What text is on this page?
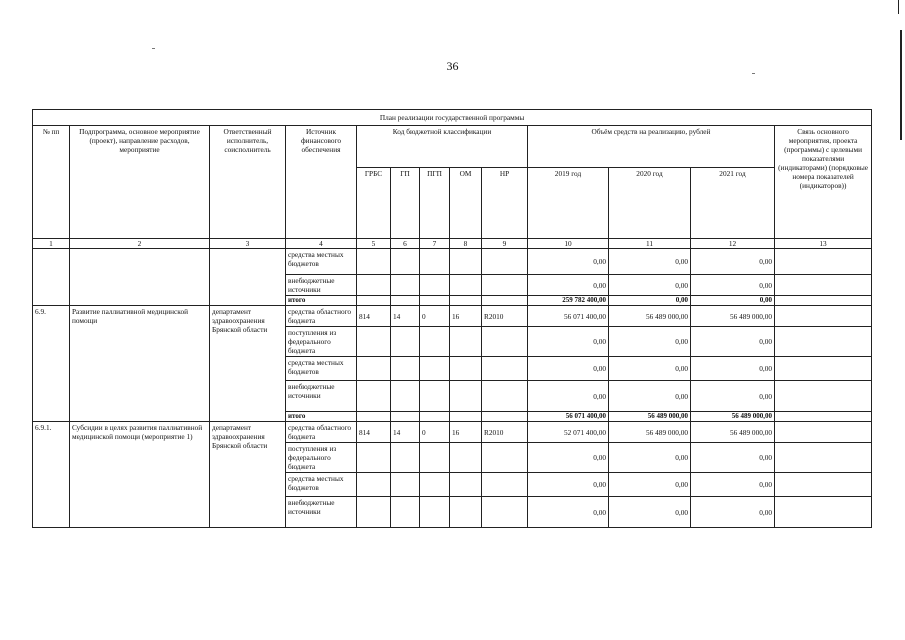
36
План реализации государственной программы												
№ пп	Подпрограмма, основное мероприятие (проект), направление расходов, мероприятие	Ответственный исполнитель, соисполнитель	Источник финансового обеспечения	Код бюджетной классификации					Объём средств на реализацию, рублей			Связь основного мероприятия, проекта (программы) с целевыми показателями (индикаторами) (порядковые номера показателей (индикаторов))
				ГРБС	ГП	ПГП	ОМ	НР	2019 год	2020 год	2021 год	
1	2	3	4	5	6	7	8	9	10	11	12	13
			средства местных бюджетов						0,00	0,00	0,00	
			внебюджетные источники						0,00	0,00	0,00	
			итого						259 782 400,00	0,00	0,00	
6.9.	Развитие паллиативной медицинской помощи	департамент здравоохранения Брянской области	средства областного бюджета	814	14	0	16	R2010	56 071 400,00	56 489 000,00	56 489 000,00	
			поступления из федерального бюджета						0,00	0,00	0,00	
			средства местных бюджетов						0,00	0,00	0,00	
			внебюджетные источники						0,00	0,00	0,00	
			итого						56 071 400,00	56 489 000,00	56 489 000,00	
6.9.1.	Субсидии в целях развития паллиативной медицинской помощи (мероприятие 1)	департамент здравоохранения Брянской области	средства областного бюджета	814	14	0	16	R2010	52 071 400,00	56 489 000,00	56 489 000,00	
			поступления из федерального бюджета						0,00	0,00	0,00	
			средства местных бюджетов						0,00	0,00	0,00	
			внебюджетные источники						0,00	0,00	0,00	
